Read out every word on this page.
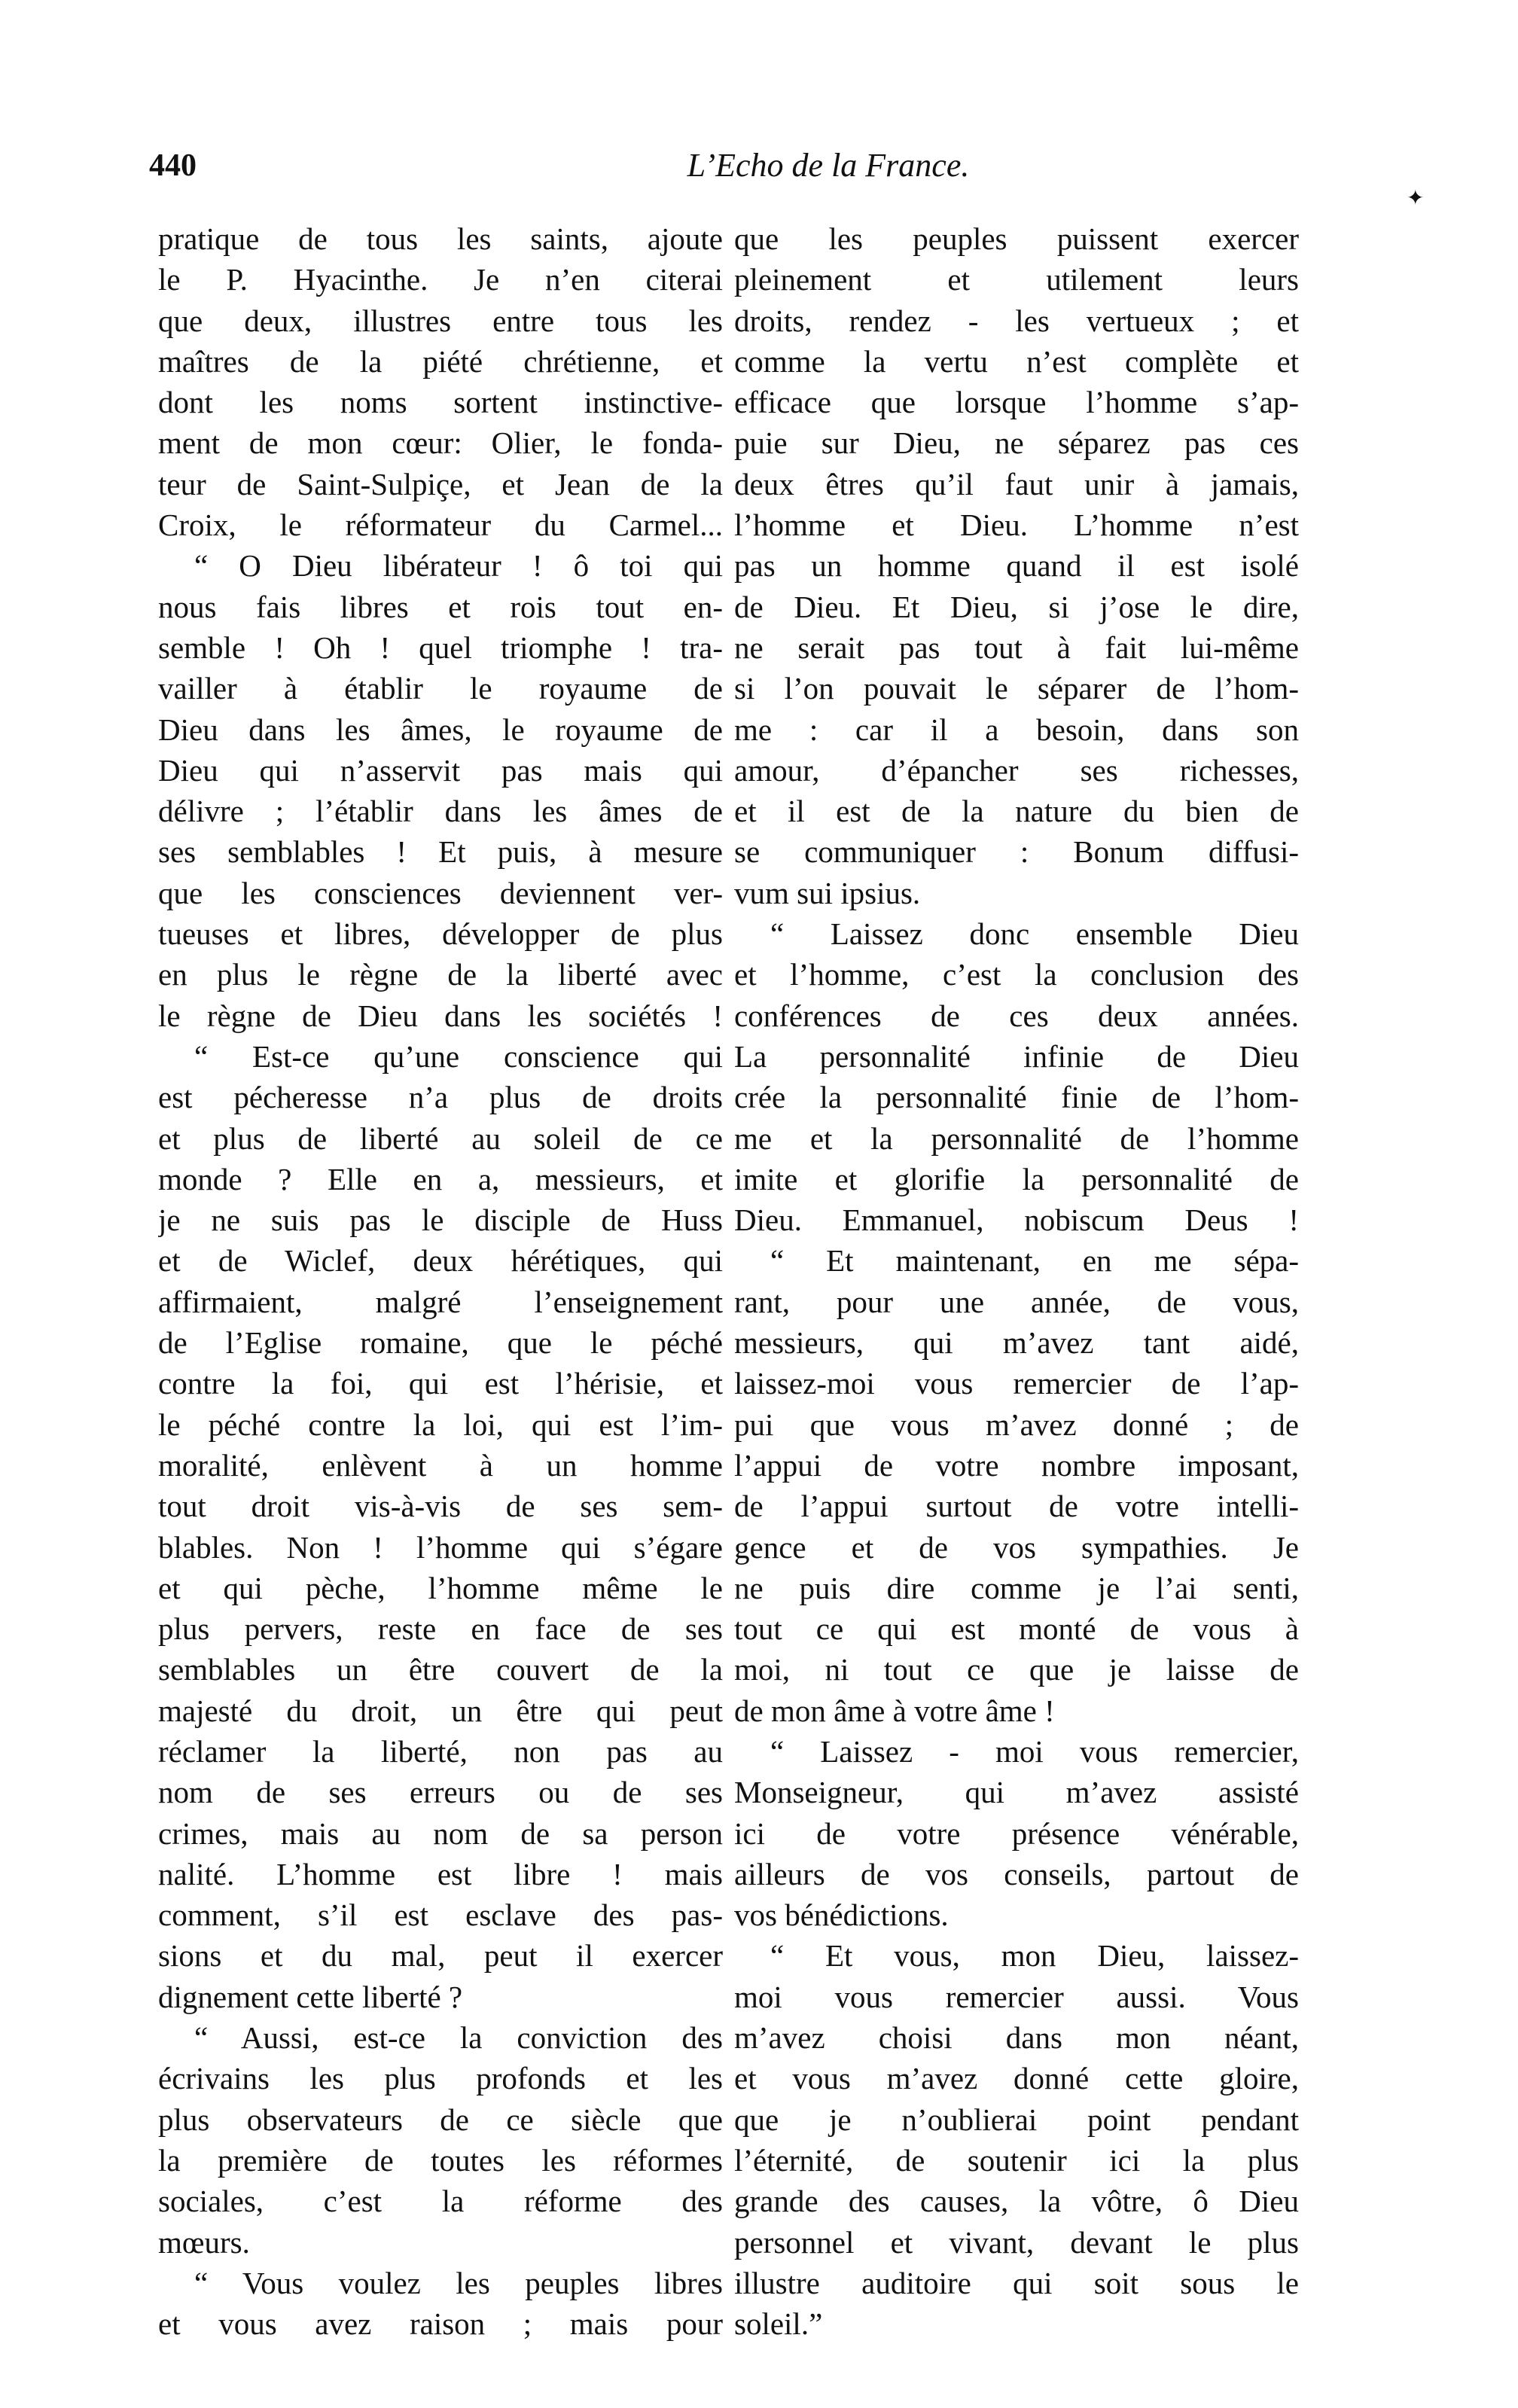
440	L’Echo de la France.
✦
pratique de tous les saints, ajoute
le P. Hyacinthe. Je n’en citerai
que deux, illustres entre tous les
maîtres de la piété chrétienne, et
dont les noms sortent instinctive-
ment de mon cœur: Olier, le fonda-
teur de Saint-Sulpiçe, et Jean de la
Croix, le réformateur du Carmel...
“ O Dieu libérateur ! ô toi qui
nous fais libres et rois tout en-
semble ! Oh ! quel triomphe ! tra-
vailler à établir le royaume de
Dieu dans les âmes, le royaume de
Dieu qui n’asservit pas mais qui
délivre ; l’établir dans les âmes de
ses semblables ! Et puis, à mesure
que les consciences deviennent ver-
tueuses et libres, développer de plus
en plus le règne de la liberté avec
le règne de Dieu dans les sociétés !
“ Est-ce qu’une conscience qui
est pécheresse n’a plus de droits
et plus de liberté au soleil de ce
monde ? Elle en a, messieurs, et
je ne suis pas le disciple de Huss
et de Wiclef, deux hérétiques, qui
affirmaient, malgré l’enseignement
de l’Eglise romaine, que le péché
contre la foi, qui est l’hérisie, et
le péché contre la loi, qui est l’im-
moralité, enlèvent à un homme
tout droit vis-à-vis de ses sem-
blables. Non ! l’homme qui s’égare
et qui pèche, l’homme même le
plus pervers, reste en face de ses
semblables un être couvert de la
majesté du droit, un être qui peut
réclamer la liberté, non pas au
nom de ses erreurs ou de ses
crimes, mais au nom de sa person
nalité. L’homme est libre ! mais
comment, s’il est esclave des pas-
sions et du mal, peut il exercer
dignement cette liberté ?
“ Aussi, est-ce la conviction des
écrivains les plus profonds et les
plus observateurs de ce siècle que
la première de toutes les réformes
sociales, c’est la réforme des
mœurs.
“ Vous voulez les peuples libres
et vous avez raison ; mais pour
que les peuples puissent exercer
pleinement et utilement leurs
droits, rendez - les vertueux ; et
comme la vertu n’est complète et
efficace que lorsque l’homme s’ap-
puie sur Dieu, ne séparez pas ces
deux êtres qu’il faut unir à jamais,
l’homme et Dieu. L’homme n’est
pas un homme quand il est isolé
de Dieu. Et Dieu, si j’ose le dire,
ne serait pas tout à fait lui-même
si l’on pouvait le séparer de l’hom-
me : car il a besoin, dans son
amour, d’épancher ses richesses,
et il est de la nature du bien de
se communiquer : Bonum diffusi-
vum sui ipsius.
“ Laissez donc ensemble Dieu
et l’homme, c’est la conclusion des
conférences de ces deux années.
La personnalité infinie de Dieu
crée la personnalité finie de l’hom-
me et la personnalité de l’homme
imite et glorifie la personnalité de
Dieu. Emmanuel, nobiscum Deus !
“ Et maintenant, en me sépa-
rant, pour une année, de vous,
messieurs, qui m’avez tant aidé,
laissez-moi vous remercier de l’ap-
pui que vous m’avez donné ; de
l’appui de votre nombre imposant,
de l’appui surtout de votre intelli-
gence et de vos sympathies. Je
ne puis dire comme je l’ai senti,
tout ce qui est monté de vous à
moi, ni tout ce que je laisse de
de mon âme à votre âme !
“ Laissez - moi vous remercier,
Monseigneur, qui m’avez assisté
ici de votre présence vénérable,
ailleurs de vos conseils, partout de
vos bénédictions.
“ Et vous, mon Dieu, laissez-
moi vous remercier aussi. Vous
m’avez choisi dans mon néant,
et vous m’avez donné cette gloire,
que je n’oublierai point pendant
l’éternité, de soutenir ici la plus
grande des causes, la vôtre, ô Dieu
personnel et vivant, devant le plus
illustre auditoire qui soit sous le
soleil.”
